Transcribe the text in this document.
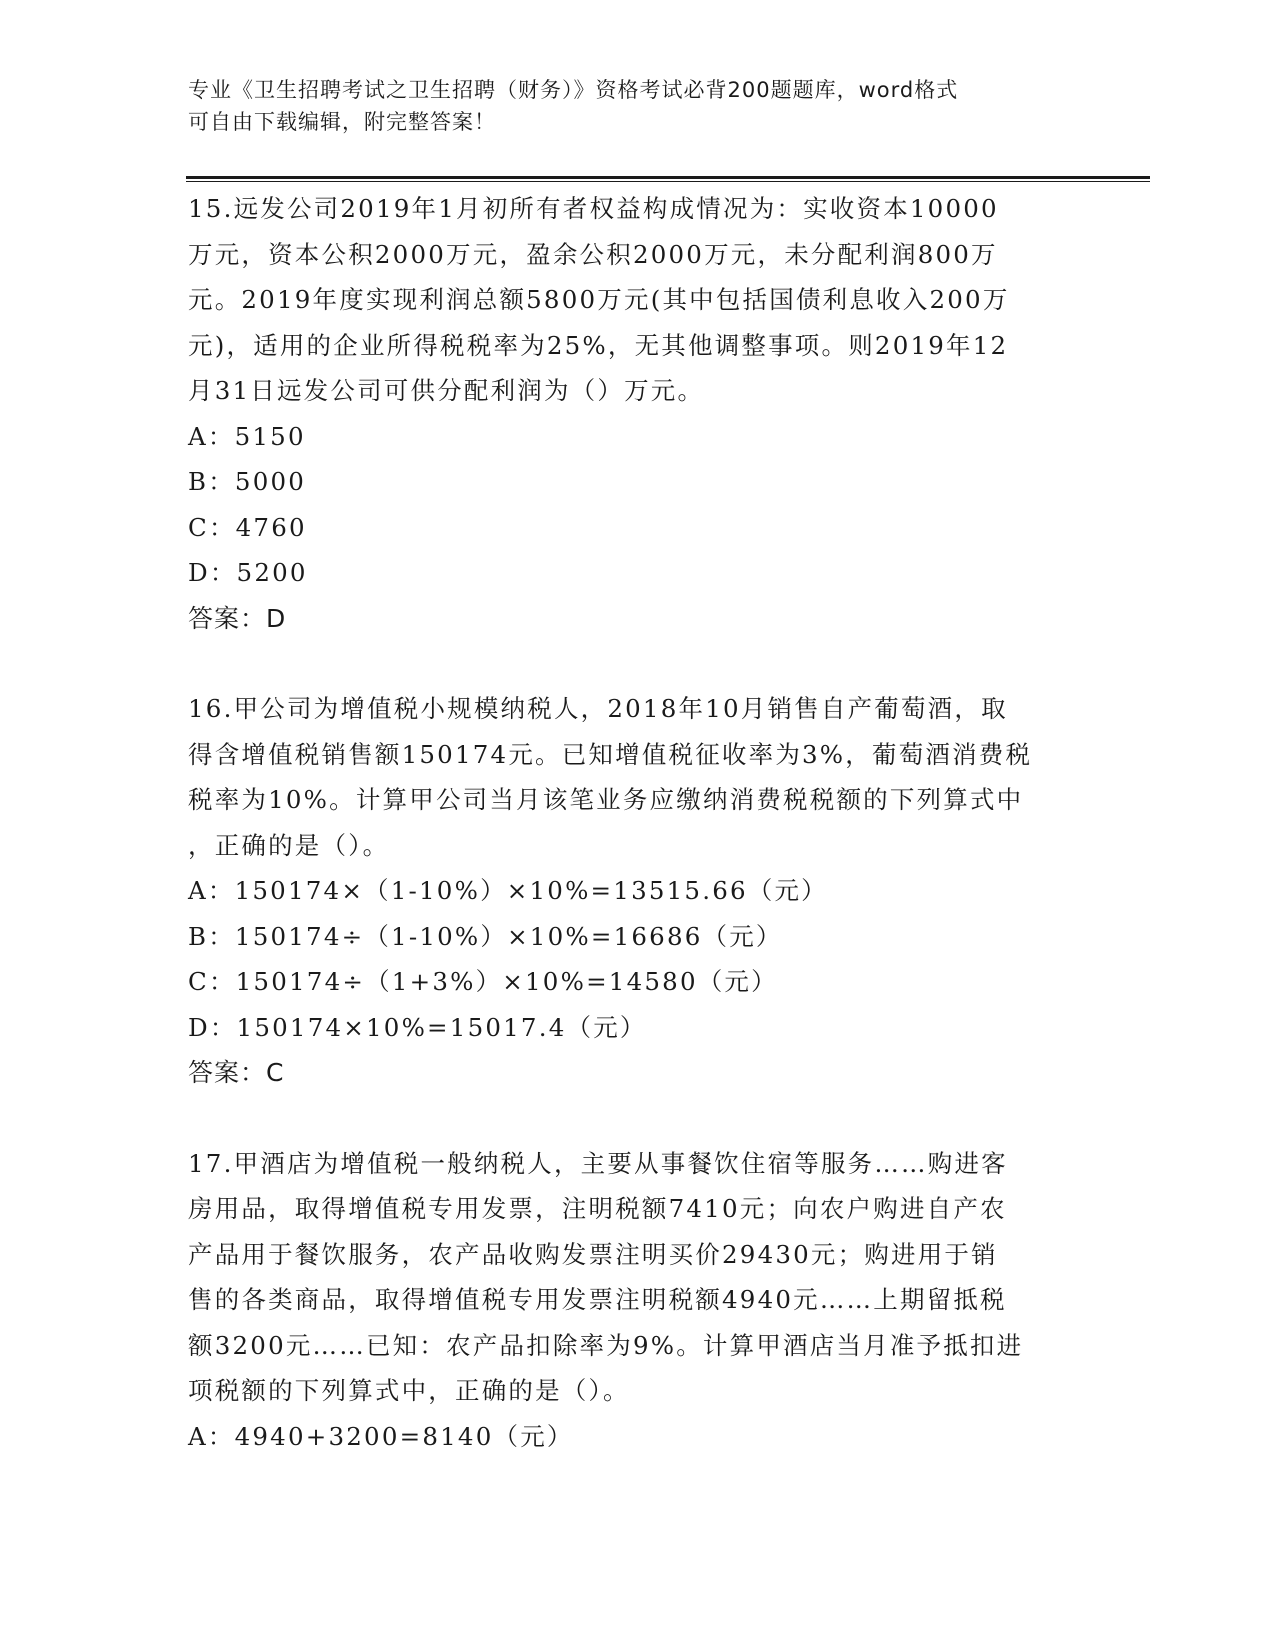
专业《卫生招聘考试之卫生招聘（财务）》资格考试必背200题题库，word格式
可自由下载编辑，附完整答案！
15.远发公司2019年1月初所有者权益构成情况为：实收资本10000
万元，资本公积2000万元，盈余公积2000万元，未分配利润800万
元。2019年度实现利润总额5800万元(其中包括国债利息收入200万
元)，适用的企业所得税税率为25%，无其他调整事项。则2019年12
月31日远发公司可供分配利润为（）万元。
A：5150
B：5000
C：4760
D：5200
答案：D
16.甲公司为增值税小规模纳税人，2018年10月销售自产葡萄酒，取
得含增值税销售额150174元。已知增值税征收率为3%，葡萄酒消费税
税率为10%。计算甲公司当月该笔业务应缴纳消费税税额的下列算式中
，正确的是（）。
A：150174×（1-10%）×10%=13515.66（元）
B：150174÷（1-10%）×10%=16686（元）
C：150174÷（1+3%）×10%=14580（元）
D：150174×10%=15017.4（元）
答案：C
17.甲酒店为增值税一般纳税人，主要从事餐饮住宿等服务……购进客
房用品，取得增值税专用发票，注明税额7410元；向农户购进自产农
产品用于餐饮服务，农产品收购发票注明买价29430元；购进用于销
售的各类商品，取得增值税专用发票注明税额4940元……上期留抵税
额3200元……已知：农产品扣除率为9%。计算甲酒店当月准予抵扣进
项税额的下列算式中，正确的是（）。
A：4940+3200=8140（元）
